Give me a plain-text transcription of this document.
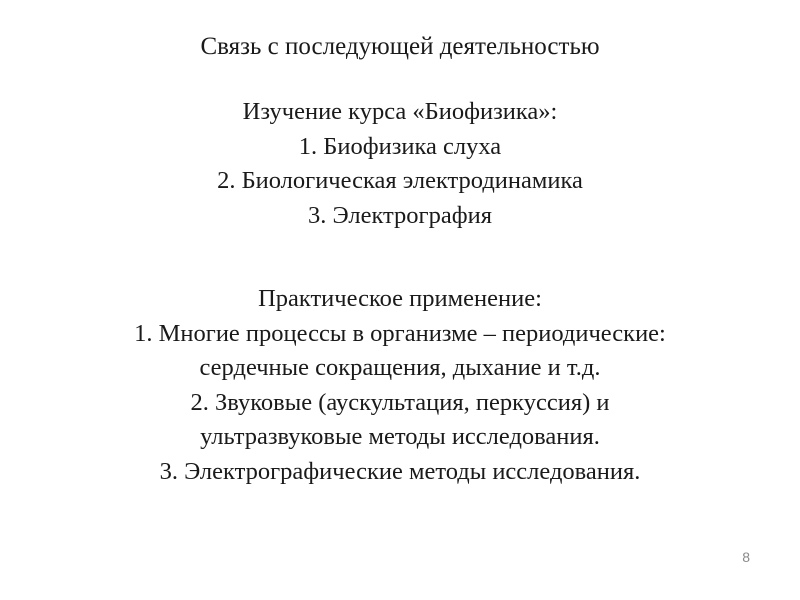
Связь с последующей деятельностью
Изучение курса «Биофизика»:
1. Биофизика слуха
2. Биологическая электродинамика
3. Электрография
Практическое применение:
1. Многие процессы в организме – периодические:
сердечные сокращения, дыхание и т.д.
2. Звуковые (аускультация, перкуссия) и
ультразвуковые методы исследования.
3. Электрографические методы исследования.
8
